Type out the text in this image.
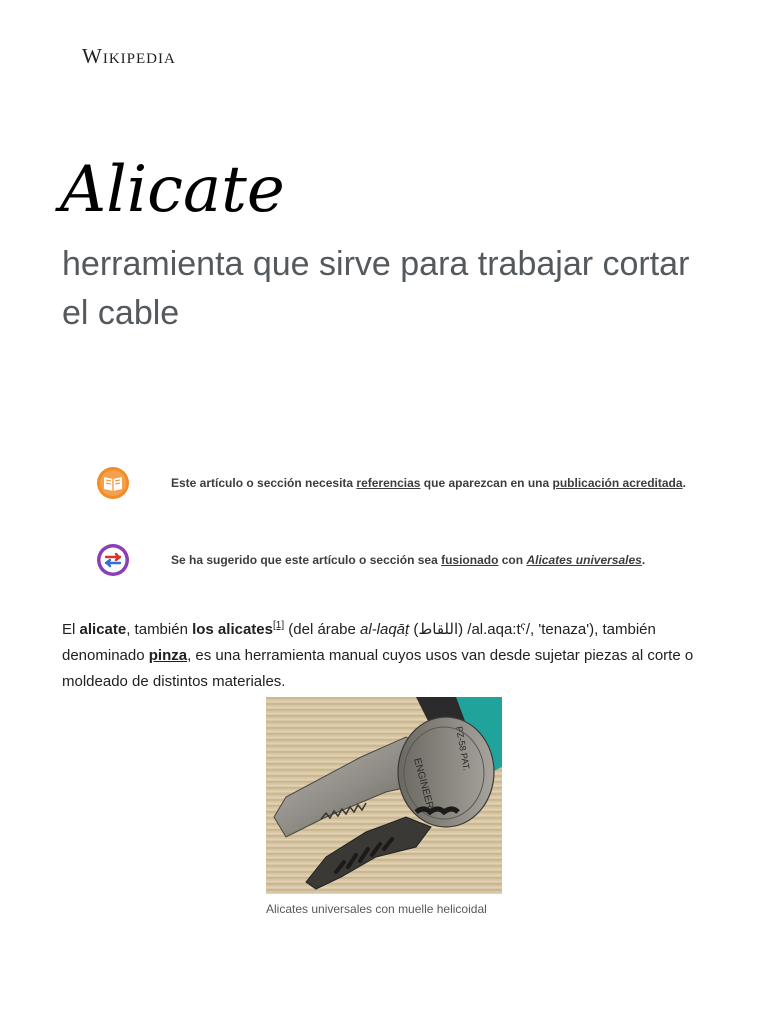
Wikipedia
Alicate
herramienta que sirve para trabajar cortar el cable
Este artículo o sección necesita referencias que aparezcan en una publicación acreditada.
Se ha sugerido que este artículo o sección sea fusionado con Alicates universales.

El alicate, también los alicates[1] (del árabe al-laqāṭ (اللقاط) /al.aqa:tˁ/, 'tenaza'), también denominado pinza, es una herramienta manual cuyos usos van desde sujetar piezas al corte o moldeado de distintos materiales.

ENGINEER
PZ-58 PAT.
Alicates universales con muelle helicoidal
